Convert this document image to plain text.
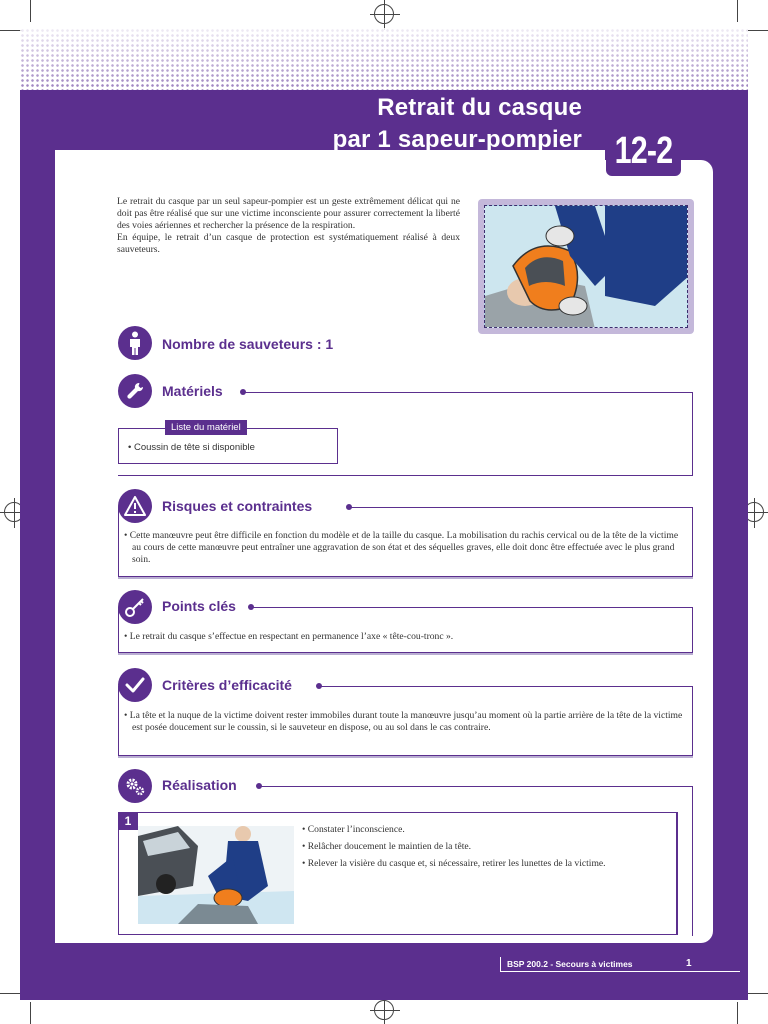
Retrait du casque
par 1 sapeur-pompier 12-2

Le retrait du casque par un seul sapeur-pompier est un geste extrêmement délicat qui ne doit pas être réalisé que sur une victime inconsciente pour assurer correctement la liberté des voies aériennes et rechercher la présence de la respiration.

En équipe, le retrait d’un casque de protection est systématiquement réalisé à deux sauveteurs.

Nombre de sauveteurs : 1
Matériels
Liste du matériel
• Coussin de tête si disponible
Risques et contraintes
• Cette manœuvre peut être difficile en fonction du modèle et de la taille du casque. La mobilisation du rachis cervical ou de la tête de la victime au cours de cette manœuvre peut entraîner une aggravation de son état et des séquelles graves, elle doit donc être effectuée avec le plus grand soin.
Points clés
• Le retrait du casque s’effectue en respectant en permanence l’axe « tête-cou-tronc ».
Critères d’efficacité
• La tête et la nuque de la victime doivent rester immobiles durant toute la manœuvre jusqu’au moment où la partie arrière de la tête de la victime est posée doucement sur le coussin, si le sauveteur en dispose, ou au sol dans le cas contraire.
Réalisation
1
• Constater l’inconscience.
• Relâcher doucement le maintien de la tête.
• Relever la visière du casque et, si nécessaire, retirer les lunettes de la victime.
BSP 200.2 - Secours à victimes	1
